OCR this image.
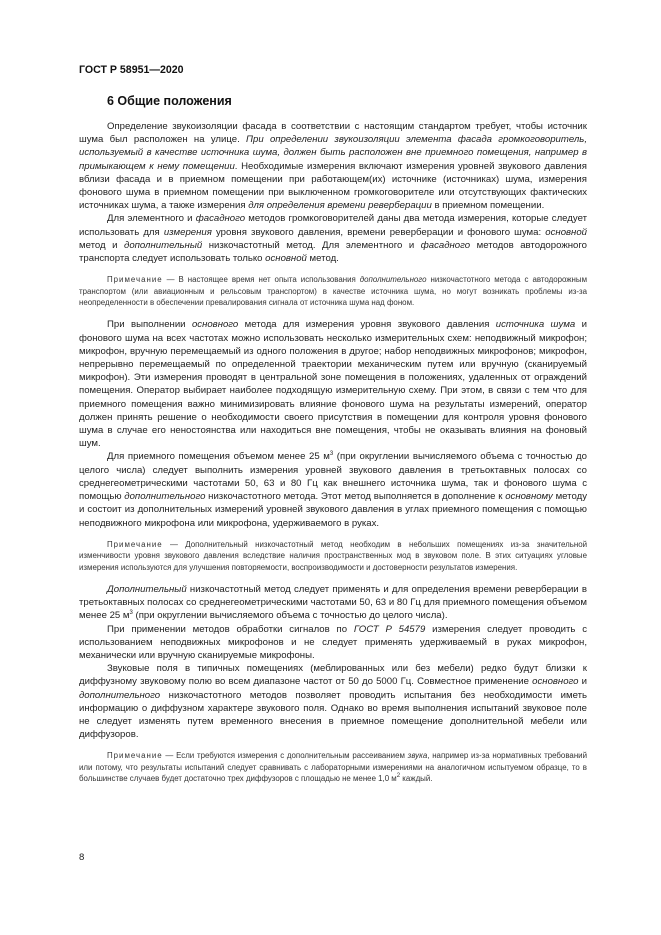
ГОСТ Р 58951—2020
6 Общие положения

Определение звукоизоляции фасада в соответствии с настоящим стандартом требует, чтобы источник шума был расположен на улице. При определении звукоизоляции элемента фасада громкоговоритель, используемый в качестве источника шума, должен быть расположен вне приемного помещения, например в примыкающем к нему помещении. Необходимые измерения включают измерения уровней звукового давления вблизи фасада и в приемном помещении при работающем(их) источнике (источниках) шума, измерения фонового шума в приемном помещении при выключенном громкоговорителе или отсутствующих фактических источниках шума, а также измерения для определения времени реверберации в приемном помещении.

Для элементного и фасадного методов громкоговорителей даны два метода измерения, которые следует использовать для измерения уровня звукового давления, времени реверберации и фонового шума: основной метод и дополнительный низкочастотный метод. Для элементного и фасадного методов автодорожного транспорта следует использовать только основной метод.

Примечание — В настоящее время нет опыта использования дополнительного низкочастотного метода с автодорожным транспортом (или авиационным и рельсовым транспортом) в качестве источника шума, но могут возникать проблемы из-за неопределенности в обеспечении превалирования сигнала от источника шума над фоном.

При выполнении основного метода для измерения уровня звукового давления источника шума и фонового шума на всех частотах можно использовать несколько измерительных схем: неподвижный микрофон; микрофон, вручную перемещаемый из одного положения в другое; набор неподвижных микрофонов; микрофон, непрерывно перемещаемый по определенной траектории механическим путем или вручную (сканируемый микрофон). Эти измерения проводят в центральной зоне помещения в положениях, удаленных от ограждений помещения. Оператор выбирает наиболее подходящую измерительную схему. При этом, в связи с тем что для приемного помещения важно минимизировать влияние фонового шума на результаты измерений, оператор должен принять решение о необходимости своего присутствия в помещении для контроля уровня фонового шума в случае его неностоянства или находиться вне помещения, чтобы не оказывать влияния на фоновый шум.

Для приемного помещения объемом менее 25 $м^3$ (при округлении вычисляемого объема с точностью до целого числа) следует выполнить измерения уровней звукового давления в третьоктавных полосах со среднегеометрическими частотами 50, 63 и 80 Гц как внешнего источника шума, так и фонового шума с помощью дополнительного низкочастотного метода. Этот метод выполняется в дополнение к основному методу и состоит из дополнительных измерений уровней звукового давления в углах приемного помещения с помощью неподвижного микрофона или микрофона, удерживаемого в руках.

Примечание — Дополнительный низкочастотный метод необходим в небольших помещениях из-за значительной изменчивости уровня звукового давления вследствие наличия пространственных мод в звуковом поле. В этих ситуациях угловые измерения используются для улучшения повторяемости, воспроизводимости и достоверности результатов измерения.

Дополнительный низкочастотный метод следует применять и для определения времени реверберации в третьоктавных полосах со среднегеометрическими частотами 50, 63 и 80 Гц для приемного помещения объемом менее 25 $м^3$ (при округлении вычисляемого объема с точностью до целого числа).

При применении методов обработки сигналов по ГОСТ Р 54579 измерения следует проводить с использованием неподвижных микрофонов и не следует применять удерживаемый в руках микрофон, механически или вручную сканируемые микрофоны.

Звуковые поля в типичных помещениях (меблированных или без мебели) редко будут близки к диффузному звуковому полю во всем диапазоне частот от 50 до 5000 Гц. Совместное применение основного и дополнительного низкочастотного методов позволяет проводить испытания без необходимости иметь информацию о диффузном характере звукового поля. Однако во время выполнения испытаний звуковое поле не следует изменять путем временного внесения в приемное помещение дополнительной мебели или диффузоров.

Примечание — Если требуются измерения с дополнительным рассеиванием звука, например из-за нормативных требований или потому, что результаты испытаний следует сравнивать с лабораторными измерениями на аналогичном испытуемом образце, то в большинстве случаев будет достаточно трех диффузоров с площадью не менее 1,0 $м^2$ каждый.

8
